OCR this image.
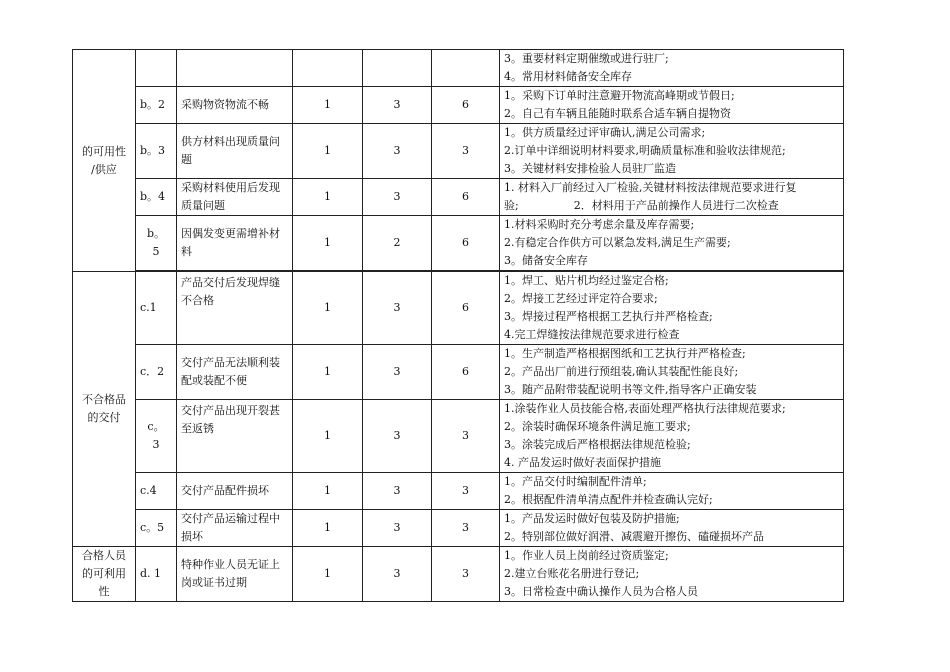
的可用性
/供应						3。重要材料定期催缴或进行驻厂;
4。常用材料储备安全库存

	b。2	采购物资物流不畅	1	3	6	1。采购下订单时注意避开物流高峰期或节假日;
2。自己有车辆且能随时联系合适车辆自提物资

	b。3	供方材料出现质量问题	1	3	3	1。供方质量经过评审确认,满足公司需求;
2.订单中详细说明材料要求,明确质量标准和验收法律规范;
3。关键材料安排检验人员驻厂监造

	b。4	采购材料使用后发现质量问题	1	3	6	1. 材料入厂前经过入厂检验,关键材料按法律规范要求进行复
验;　　　　　2．材料用于产品前操作人员进行二次检查

	b。
5	因偶发变更需增补材料	1	2	6	1.材料采购时充分考虑余量及库存需要;
2.有稳定合作供方可以紧急发料,满足生产需要;
3。储备安全库存

不合格品
的交付	c.1	产品交付后发现焊缝不合格	1	3	6	1。焊工、贴片机均经过鉴定合格;
2。焊接工艺经过评定符合要求;
3。焊接过程严格根据工艺执行并严格检查;
4.完工焊缝按法律规范要求进行检查

	c．2	交付产品无法顺利装配或装配不便	1	3	6	1。生产制造严格根据图纸和工艺执行并严格检查;
2。产品出厂前进行预组装,确认其装配性能良好;
3。随产品附带装配说明书等文件,指导客户正确安装

	c。
3	交付产品出现开裂甚至返锈	1	3	3	1.涂装作业人员技能合格,表面处理严格执行法律规范要求;
2。涂装时确保环境条件满足施工要求;
3。涂装完成后严格根据法律规范检验;
4. 产品发运时做好表面保护措施

	c.4	交付产品配件损坏	1	3	3	1。产品交付时编制配件清单;
2。根据配件清单清点配件并检查确认完好;

	c。5	交付产品运输过程中损坏	1	3	3	1。产品发运时做好包装及防护措施;
2。特别部位做好润滑、减震避开擦伤、磕碰损坏产品

合格人员
的可利用
性	d. 1	特种作业人员无证上岗或证书过期	1	3	3	1。作业人员上岗前经过资质鉴定;
2.建立台账花名册进行登记;
3。日常检查中确认操作人员为合格人员
